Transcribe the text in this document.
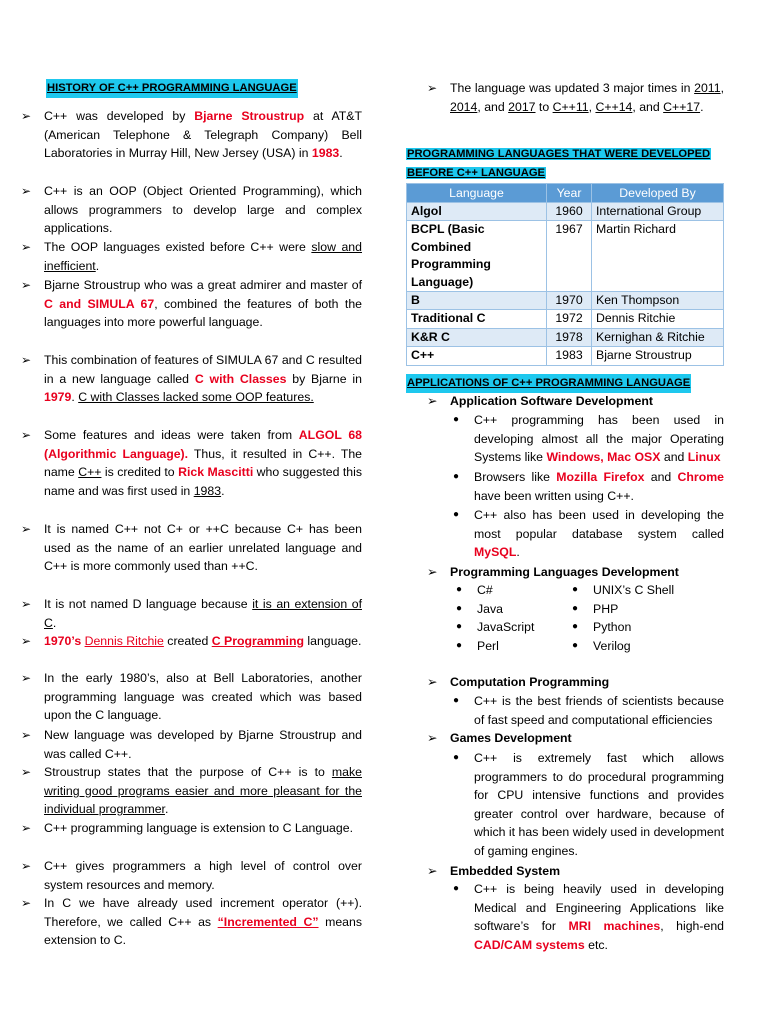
HISTORY OF C++ PROGRAMMING LANGUAGE
➢ C++ was developed by Bjarne Stroustrup at AT&T (American Telephone & Telegraph Company) Bell Laboratories in Murray Hill, New Jersey (USA) in 1983.
➢ C++ is an OOP (Object Oriented Programming), which allows programmers to develop large and complex applications.
➢ The OOP languages existed before C++ were slow and inefficient.
➢ Bjarne Stroustrup who was a great admirer and master of C and SIMULA 67, combined the features of both the languages into more powerful language.
➢ This combination of features of SIMULA 67 and C resulted in a new language called C with Classes by Bjarne in 1979. C with Classes lacked some OOP features.
➢ Some features and ideas were taken from ALGOL 68 (Algorithmic Language). Thus, it resulted in C++. The name C++ is credited to Rick Mascitti who suggested this name and was first used in 1983.
➢ It is named C++ not C+ or ++C because C+ has been used as the name of an earlier unrelated language and C++ is more commonly used than ++C.
➢ It is not named D language because it is an extension of C.
➢ 1970’s Dennis Ritchie created C Programming language.
➢ In the early 1980’s, also at Bell Laboratories, another programming language was created which was based upon the C language.
➢ New language was developed by Bjarne Stroustrup and was called C++.
➢ Stroustrup states that the purpose of C++ is to make writing good programs easier and more pleasant for the individual programmer.
➢ C++ programming language is extension to C Language.
➢ C++ gives programmers a high level of control over system resources and memory.
➢ In C we have already used increment operator (++). Therefore, we called C++ as “Incremented C” means extension to C.
➢ The language was updated 3 major times in 2011, 2014, and 2017 to C++11, C++14, and C++17.
PROGRAMMING LANGUAGES THAT WERE DEVELOPED
BEFORE C++ LANGUAGE
Language	Year	Developed By
Algol	1960	International Group
BCPL (Basic Combined Programming Language)	1967	Martin Richard
B	1970	Ken Thompson
Traditional C	1972	Dennis Ritchie
K&R C	1978	Kernighan & Ritchie
C++	1983	Bjarne Stroustrup
APPLICATIONS OF C++ PROGRAMMING LANGUAGE
➢ Application Software Development
● C++ programming has been used in developing almost all the major Operating Systems like Windows, Mac OSX and Linux
● Browsers like Mozilla Firefox and Chrome have been written using C++.
● C++ also has been used in developing the most popular database system called MySQL.
➢ Programming Languages Development
● C#
● Java
● JavaScript
● Perl
● UNIX’s C Shell
● PHP
● Python
● Verilog
➢ Computation Programming
● C++ is the best friends of scientists because of fast speed and computational efficiencies
➢ Games Development
● C++ is extremely fast which allows programmers to do procedural programming for CPU intensive functions and provides greater control over hardware, because of which it has been widely used in development of gaming engines.
➢ Embedded System
● C++ is being heavily used in developing Medical and Engineering Applications like software’s for MRI machines, high-end CAD/CAM systems etc.
